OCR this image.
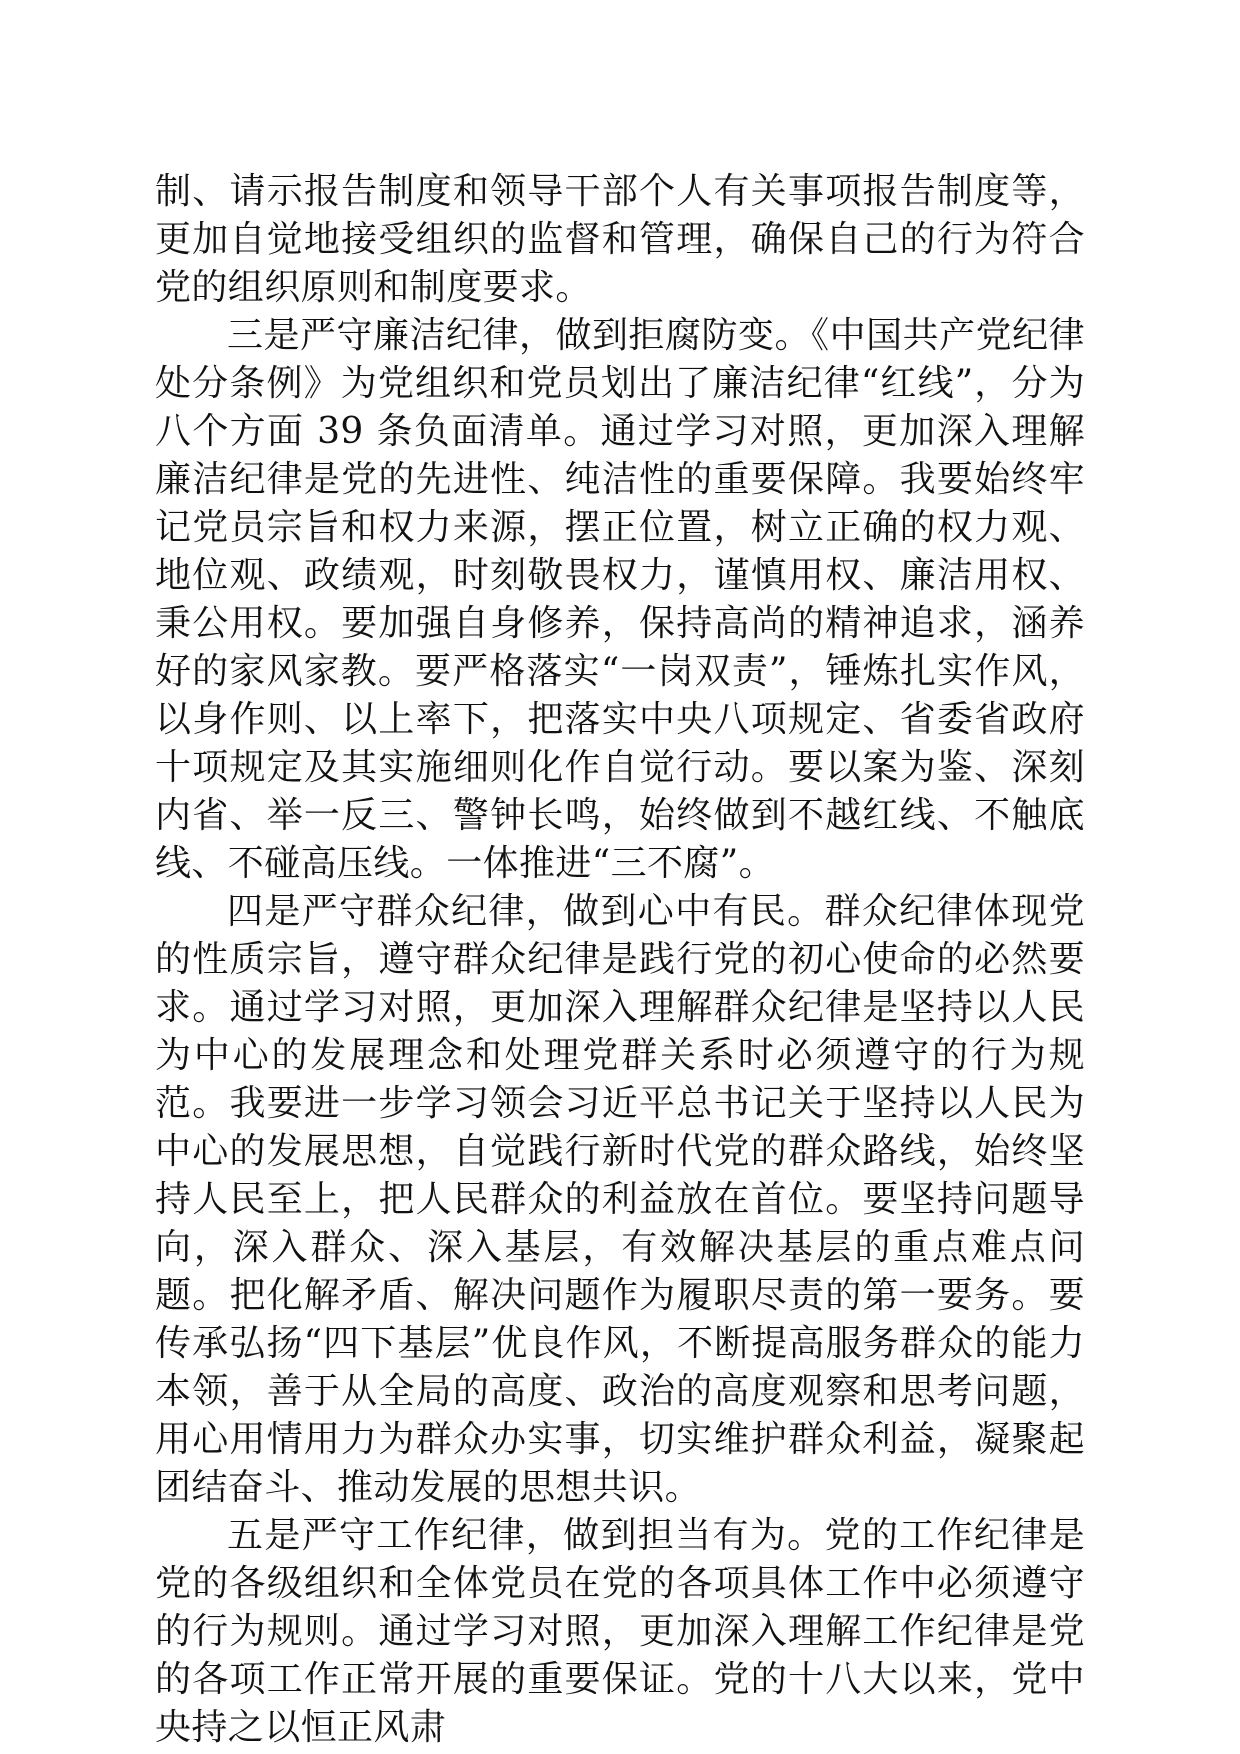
制、请示报告制度和领导干部个人有关事项报告制度等，更加自觉地接受组织的监督和管理，确保自己的行为符合党的组织原则和制度要求。

三是严守廉洁纪律，做到拒腐防变。《中国共产党纪律处分条例》为党组织和党员划出了廉洁纪律“红线”，分为八个方面 39 条负面清单。通过学习对照，更加深入理解廉洁纪律是党的先进性、纯洁性的重要保障。我要始终牢记党员宗旨和权力来源，摆正位置，树立正确的权力观、地位观、政绩观，时刻敬畏权力，谨慎用权、廉洁用权、秉公用权。要加强自身修养，保持高尚的精神追求，涵养好的家风家教。要严格落实“一岗双责”，锤炼扎实作风，以身作则、以上率下，把落实中央八项规定、省委省政府十项规定及其实施细则化作自觉行动。要以案为鉴、深刻内省、举一反三、警钟长鸣，始终做到不越红线、不触底线、不碰高压线。一体推进“三不腐”。

四是严守群众纪律，做到心中有民。群众纪律体现党的性质宗旨，遵守群众纪律是践行党的初心使命的必然要求。通过学习对照，更加深入理解群众纪律是坚持以人民为中心的发展理念和处理党群关系时必须遵守的行为规范。我要进一步学习领会习近平总书记关于坚持以人民为中心的发展思想，自觉践行新时代党的群众路线，始终坚持人民至上，把人民群众的利益放在首位。要坚持问题导向，深入群众、深入基层，有效解决基层的重点难点问题。把化解矛盾、解决问题作为履职尽责的第一要务。要传承弘扬“四下基层”优良作风，不断提高服务群众的能力本领，善于从全局的高度、政治的高度观察和思考问题，用心用情用力为群众办实事，切实维护群众利益，凝聚起团结奋斗、推动发展的思想共识。

五是严守工作纪律，做到担当有为。党的工作纪律是党的各级组织和全体党员在党的各项具体工作中必须遵守的行为规则。通过学习对照，更加深入理解工作纪律是党的各项工作正常开展的重要保证。党的十八大以来，党中央持之以恒正风肃
